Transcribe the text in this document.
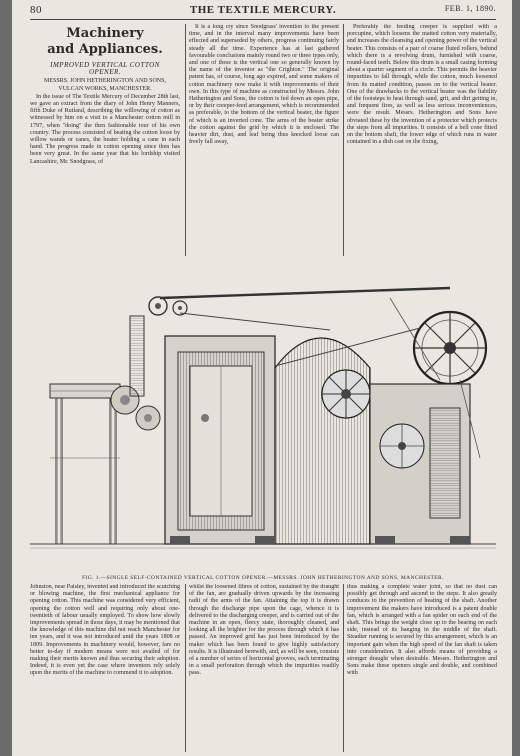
80	THE TEXTILE MERCURY.	FEB. 1, 1890.
Machinery
and Appliances.
IMPROVED VERTICAL COTTON
OPENER.
MESSRS. JOHN HETHERINGTON AND SONS,
VULCAN WORKS, MANCHESTER.

In the issue of The Textile Mercury of December 28th last, we gave an extract from the diary of John Henry Manners, fifth Duke of Rutland, describing the willowing of cotton as witnessed by him on a visit to a Manchester cotton mill in 1797, when "doing" the then fashionable tour of his own country. The process consisted of beating the cotton loose by willow wands or canes, the beater holding a cane in each hand. The progress made in cotton opening since then has been very great. In the same year that his lordship visited Lancashire, Mr. Snodgrass, of

It is a long cry since Snodgrass' invention to the present time, and in the interval many improvements have been effected and superseded by others, progress continuing fairly steady all the time. Experience has at last gathered favourable conclusions mainly round two or three types only, and one of these is the vertical one so generally known by the name of the inventor as "the Crighton." The original patent has, of course, long ago expired, and some makers of cotton machinery now make it with improvements of their own. In this type of machine as constructed by Messrs. John Hetherington and Sons, the cotton is fed down an open pipe, or by their creeper-feed arrangement, which is recommended as preferable, to the bottom of the vertical beater, the figure of which is an inverted cone. The arms of the beater strike the cotton against the grid by which it is enclosed. The heavier dirt, dust, and leaf being thus knocked loose can freely fall away,

Preferably the feeding creeper is supplied with a porcupine, which loosens the matted cotton very materially, and increases the cleansing and opening power of the vertical beater. This consists of a pair of coarse fluted rollers, behind which there is a revolving drum, furnished with coarse, round-faced teeth. Below this drum is a small casing forming about a quarter segment of a circle. This permits the heavier impurities to fall through, while the cotton, much loosened from its matted condition, passes on to the vertical beater. One of the drawbacks to the vertical beater was the liability of the footsteps to heat through sand, grit, and dirt getting in, and frequent fires, as well as less serious inconveniences, were the result. Messrs. Hetherington and Sons have obviated these by the invention of a protector which protects the steps from all impurities. It consists of a bell cone fitted on the bottom shaft, the lower edge of which runs in water contained in a dish cast on the fixing,

FIG. 1.—SINGLE SELF-CONTAINED VERTICAL COTTON OPENER.—MESSRS. JOHN HETHERINGTON AND SONS, MANCHESTER.

Johnston, near Paisley, invented and introduced the scutching or blowing machine, the first mechanical appliance for opening cotton. This machine was considered very efficient, opening the cotton well and requiring only about one-twentieth of labour usually employed. To show how slowly improvements spread in those days, it may be mentioned that the knowledge of this machine did not reach Manchester for ten years, and it was not introduced until the years 1808 or 1809. Improvements in machinery would, however, fare no better to-day if modern means were not availed of for making their merits known and thus securing their adoption. Indeed, it is even yet the case where inventors rely solely upon the merits of the machine to commend it to adoption.

whilst the loosened fibres of cotton, sustained by the draught of the fan, are gradually driven upwards by the increasing radii of the arms of the fan. Attaining the top it is drawn through the discharge pipe upon the cage, whence it is delivered to the discharging creeper, and is carried out of the machine in an open, fleecy state, thoroughly cleaned, and looking all the brighter for the process through which it has passed. An improved grid has just been introduced by the maker which has been found to give highly satisfactory results. It is illustrated herewith, and, as will be seen, consists of a number of series of horizontal grooves, each terminating in a small perforation through which the impurities readily pass.

thus making a complete water joint, so that no dust can possibly get through and ascend to the steps. It also greatly conduces to the prevention of heating of the shaft. Another improvement the makers have introduced is a patent double fan, which is arranged with a fan spider on each end of the shaft. This brings the weight close up to the bearing on each side, instead of its hanging in the middle of the shaft. Steadier running is secured by this arrangement, which is an important gain when the high speed of the fan shaft is taken into consideration. It also affords means of providing a stronger draught when desirable. Messrs. Hetherington and Sons make these openers single and double, and combined with
